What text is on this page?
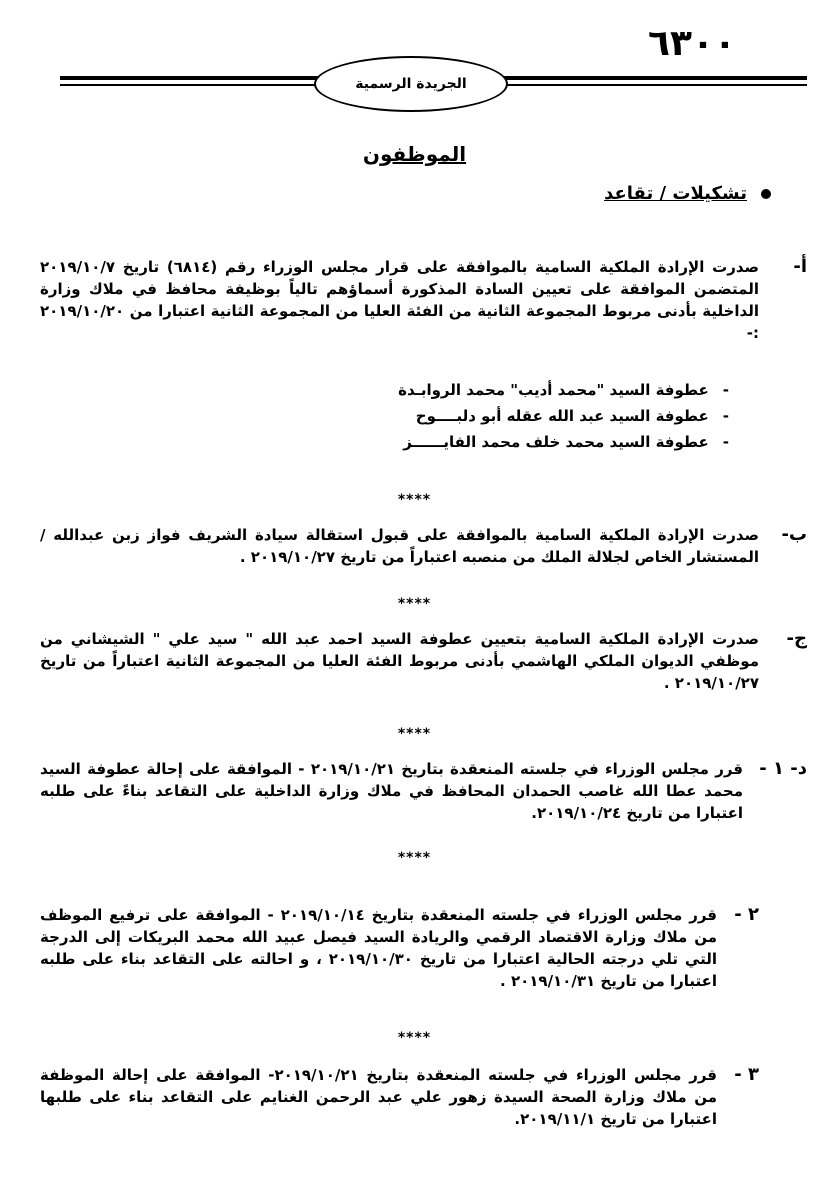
٦٣٠٠
الجريدة الرسمية
الموظفون
تشكيلات / تقاعد
أ-
صدرت الإرادة الملكية السامية بالموافقة على قرار مجلس الوزراء رقم (٦٨١٤) تاريخ ٢٠١٩/١٠/٧ المتضمن الموافقة على تعيين السادة المذكورة أسماؤهم تالياً بوظيفة محافظ في ملاك وزارة الداخلية بأدنى مربوط المجموعة الثانية من الفئة العليا من المجموعة الثانية اعتبارا من ٢٠١٩/١٠/٢٠ :-
-
عطوفة السيد "محمد أديب" محمد الروابـدة
-
عطوفة السيد عبد الله عقله أبو دلبــــوح
-
عطوفة السيد محمد خلف محمد الفايــــــز
****
ب-
صدرت الإرادة الملكية السامية بالموافقة على قبول استقالة سيادة الشريف فواز زبن عبدالله /المستشار الخاص لجلالة الملك من منصبه اعتباراً من تاريخ ٢٠١٩/١٠/٢٧ .
****
ج-
صدرت الإرادة الملكية السامية بتعيين عطوفة السيد احمد عبد الله " سيد علي " الشيشاني من موظفي الديوان الملكي الهاشمي بأدنى مربوط الفئة العليا من المجموعة الثانية اعتباراً من تاريخ ٢٠١٩/١٠/٢٧ .
****
د- ١ -
قرر مجلس الوزراء في جلسته المنعقدة بتاريخ ٢٠١٩/١٠/٢١ - الموافقة على إحالة عطوفة السيد محمد عطا الله غاصب الحمدان المحافظ في ملاك وزارة الداخلية على التقاعد بناءً على طلبه اعتبارا من تاريخ ٢٠١٩/١٠/٢٤.
****
٢ -
قرر مجلس الوزراء في جلسته المنعقدة بتاريخ ٢٠١٩/١٠/١٤ - الموافقة على ترفيع الموظف من ملاك وزارة الاقتصاد الرقمي والريادة السيد فيصل عبيد الله محمد البريكات إلى الدرجة التي تلي درجته الحالية اعتبارا من تاريخ ٢٠١٩/١٠/٣٠ ، و احالته على التقاعد بناء على طلبه اعتبارا من تاريخ ٢٠١٩/١٠/٣١ .
****
٣ -
قرر مجلس الوزراء في جلسته المنعقدة بتاريخ ٢٠١٩/١٠/٢١- الموافقة على إحالة الموظفة من ملاك وزارة الصحة السيدة زهور علي عبد الرحمن الغنايم على التقاعد بناء على طلبها اعتبارا من تاريخ ٢٠١٩/١١/١.
